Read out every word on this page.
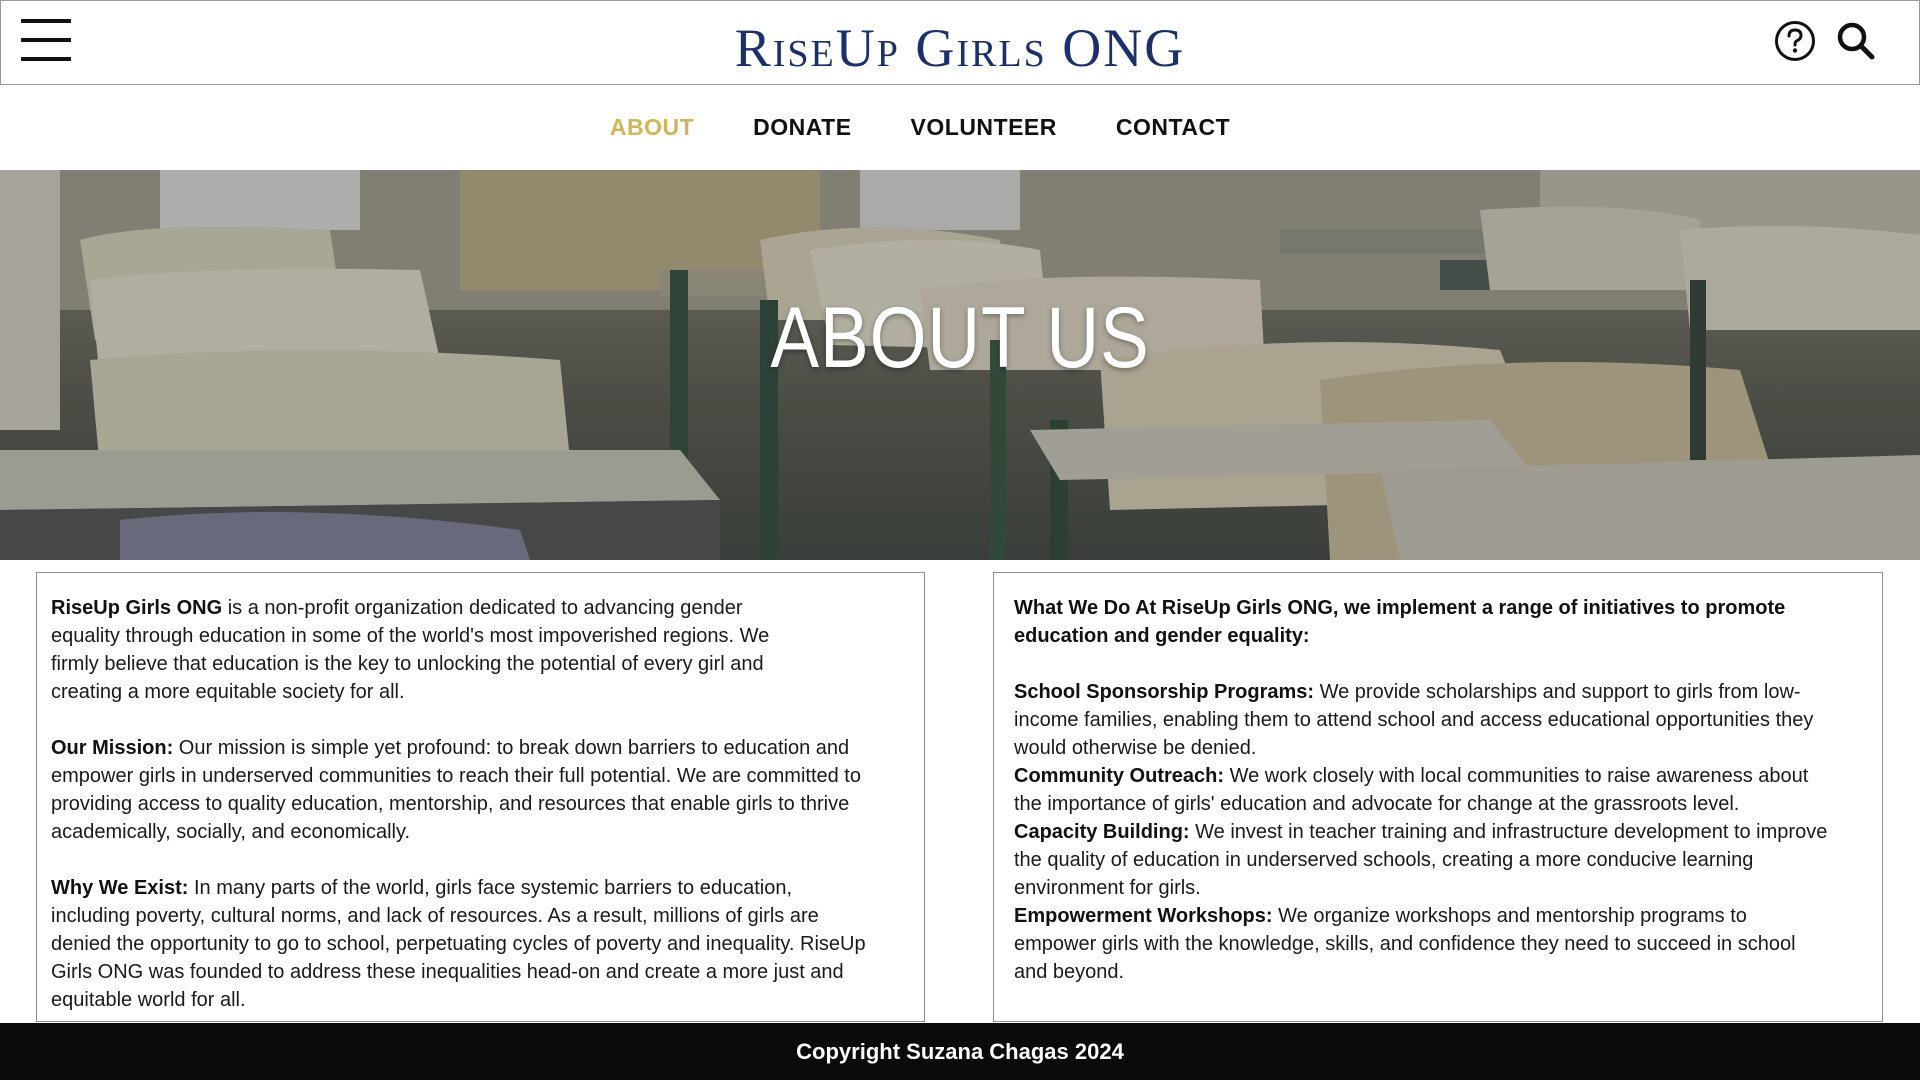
RiseUp Girls ONG
ABOUT	DONATE	VOLUNTEER	CONTACT
ABOUT US

RiseUp Girls ONG is a non-profit organization dedicated to advancing gender equality through education in some of the world's most impoverished regions. We firmly believe that education is the key to unlocking the potential of every girl and creating a more equitable society for all.

Our Mission: Our mission is simple yet profound: to break down barriers to education and empower girls in underserved communities to reach their full potential. We are committed to providing access to quality education, mentorship, and resources that enable girls to thrive academically, socially, and economically.

Why We Exist: In many parts of the world, girls face systemic barriers to education, including poverty, cultural norms, and lack of resources. As a result, millions of girls are denied the opportunity to go to school, perpetuating cycles of poverty and inequality. RiseUp Girls ONG was founded to address these inequalities head-on and create a more just and equitable world for all.

What We Do At RiseUp Girls ONG, we implement a range of initiatives to promote education and gender equality:

School Sponsorship Programs: We provide scholarships and support to girls from low-income families, enabling them to attend school and access educational opportunities they would otherwise be denied.
Community Outreach: We work closely with local communities to raise awareness about the importance of girls' education and advocate for change at the grassroots level.
Capacity Building: We invest in teacher training and infrastructure development to improve the quality of education in underserved schools, creating a more conducive learning environment for girls.
Empowerment Workshops: We organize workshops and mentorship programs to empower girls with the knowledge, skills, and confidence they need to succeed in school and beyond.
Copyright Suzana Chagas 2024
